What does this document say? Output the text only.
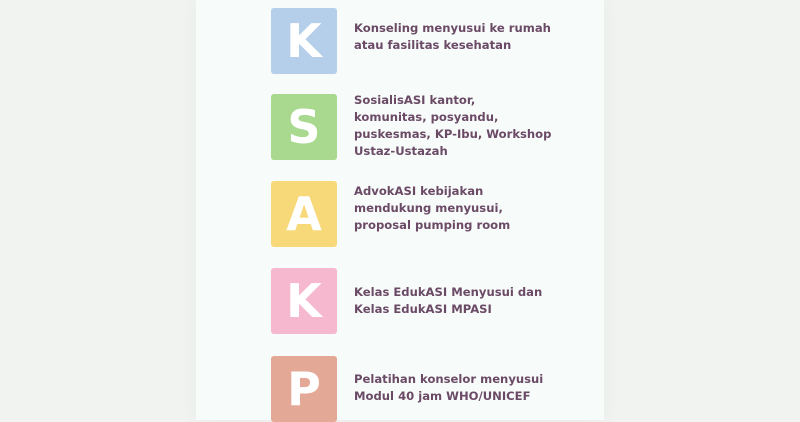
K	Konseling menyusui ke rumah
atau fasilitas kesehatan
S	SosialisASI kantor,
komunitas, posyandu,
puskesmas, KP-Ibu, Workshop
Ustaz-Ustazah
A	AdvokASI kebijakan
mendukung menyusui,
proposal pumping room
K	Kelas EdukASI Menyusui dan
Kelas EdukASI MPASI
P	Pelatihan konselor menyusui
Modul 40 jam WHO/UNICEF
